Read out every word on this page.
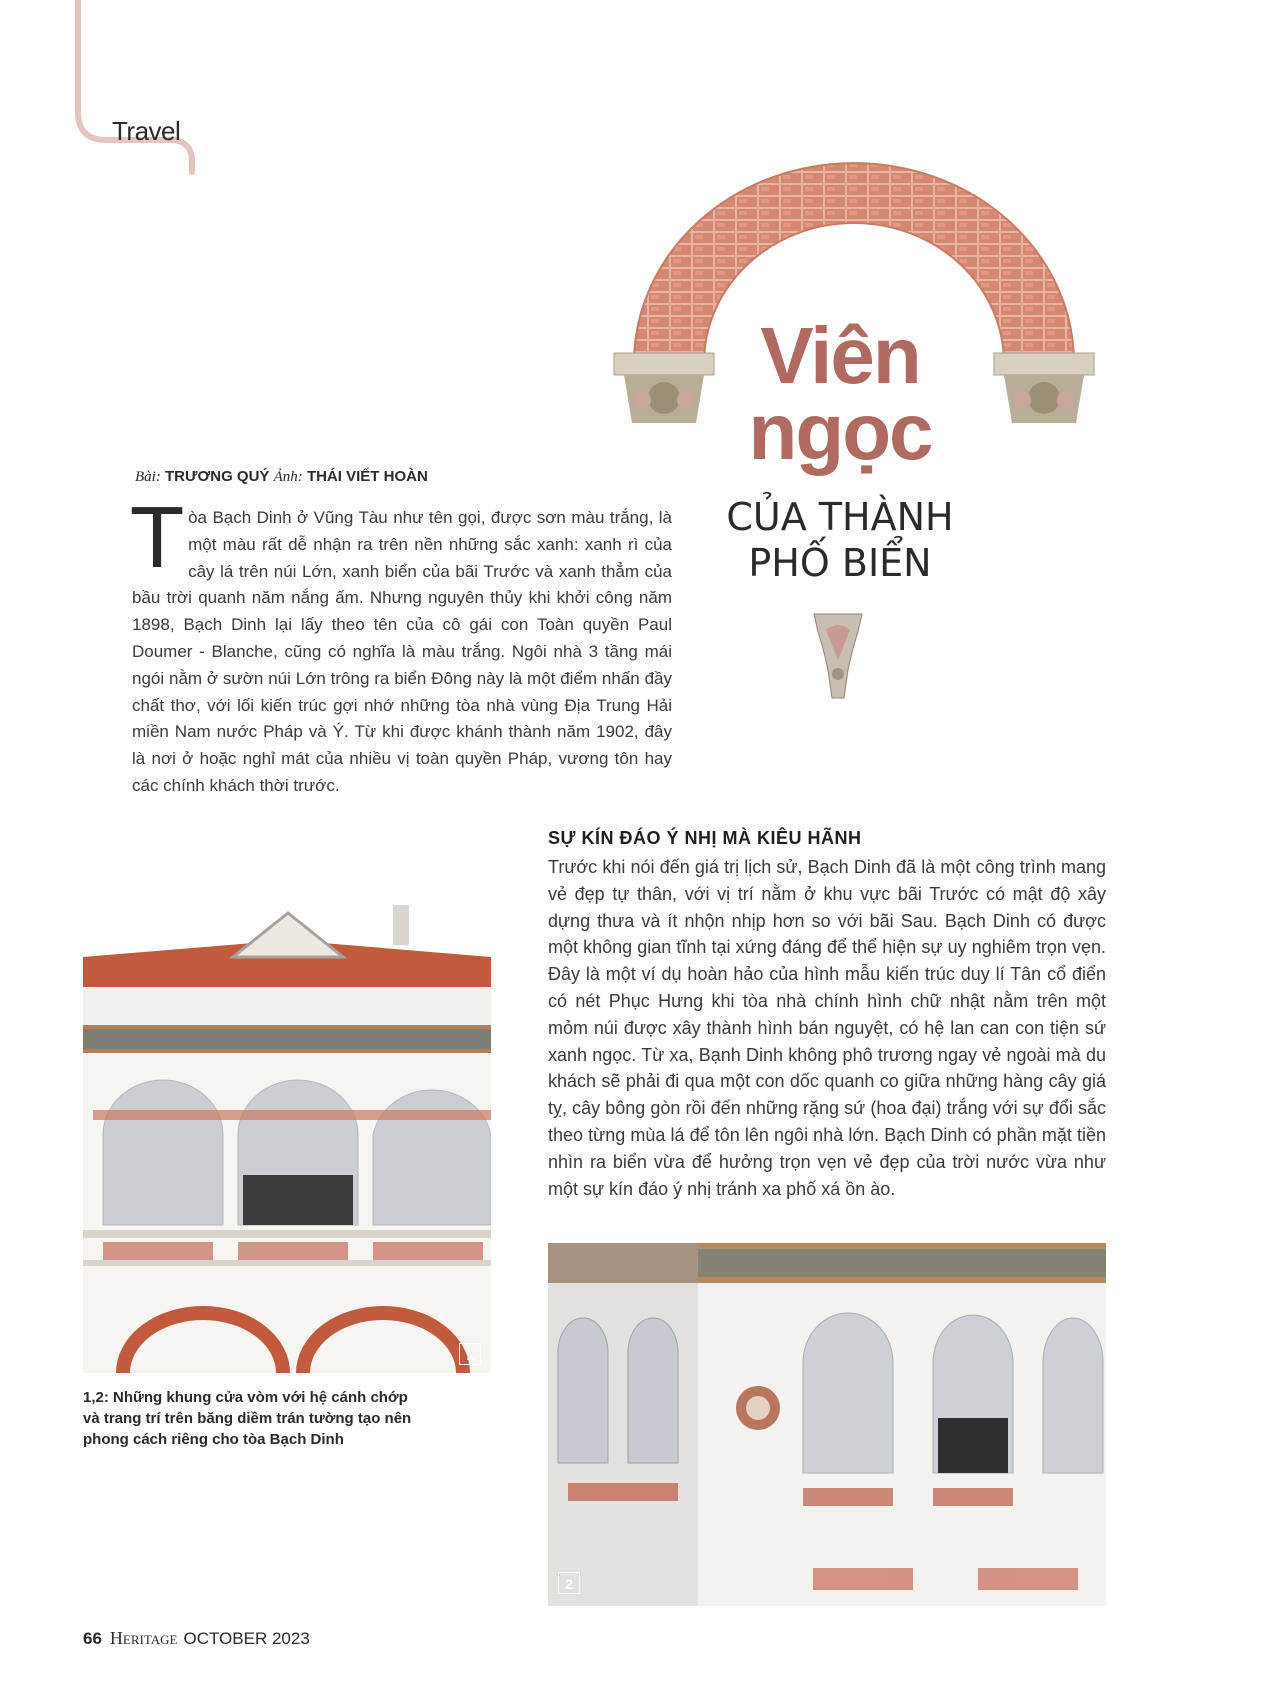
Travel
Viên
ngọc
CỦA THÀNH
PHỐ BIỂN
Bài: TRƯƠNG QUÝ Ảnh: THÁI VIẾT HOÀN
Tòa Bạch Dinh ở Vũng Tàu như tên gọi, được sơn màu trắng, là một màu rất dễ nhận ra trên nền những sắc xanh: xanh rì của cây lá trên núi Lớn, xanh biển của bãi Trước và xanh thẳm của bầu trời quanh năm nắng ấm. Nhưng nguyên thủy khi khởi công năm 1898, Bạch Dinh lại lấy theo tên của cô gái con Toàn quyền Paul Doumer - Blanche, cũng có nghĩa là màu trắng. Ngôi nhà 3 tầng mái ngói nằm ở sườn núi Lớn trông ra biển Đông này là một điểm nhấn đầy chất thơ, với lối kiến trúc gợi nhớ những tòa nhà vùng Địa Trung Hải miền Nam nước Pháp và Ý. Từ khi được khánh thành năm 1902, đây là nơi ở hoặc nghỉ mát của nhiều vị toàn quyền Pháp, vương tôn hay các chính khách thời trước.
SỰ KÍN ĐÁO Ý NHỊ MÀ KIÊU HÃNH
Trước khi nói đến giá trị lịch sử, Bạch Dinh đã là một công trình mang vẻ đẹp tự thân, với vị trí nằm ở khu vực bãi Trước có mật độ xây dựng thưa và ít nhộn nhịp hơn so với bãi Sau. Bạch Dinh có được một không gian tĩnh tại xứng đáng để thể hiện sự uy nghiêm trọn vẹn. Đây là một ví dụ hoàn hảo của hình mẫu kiến trúc duy lí Tân cổ điển có nét Phục Hưng khi tòa nhà chính hình chữ nhật nằm trên một mỏm núi được xây thành hình bán nguyệt, có hệ lan can con tiện sứ xanh ngọc. Từ xa, Bạnh Dinh không phô trương ngay vẻ ngoài mà du khách sẽ phải đi qua một con dốc quanh co giữa những hàng cây giá tỵ, cây bông gòn rồi đến những rặng sứ (hoa đại) trắng với sự đổi sắc theo từng mùa lá để tôn lên ngôi nhà lớn. Bạch Dinh có phần mặt tiền nhìn ra biển vừa để hưởng trọn vẹn vẻ đẹp của trời nước vừa như một sự kín đáo ý nhị tránh xa phố xá ồn ào.
1
1,2: Những khung cửa vòm với hệ cánh chớp và trang trí trên băng diềm trán tường tạo nên phong cách riêng cho tòa Bạch Dinh
2
66 Heritage OCTOBER 2023
